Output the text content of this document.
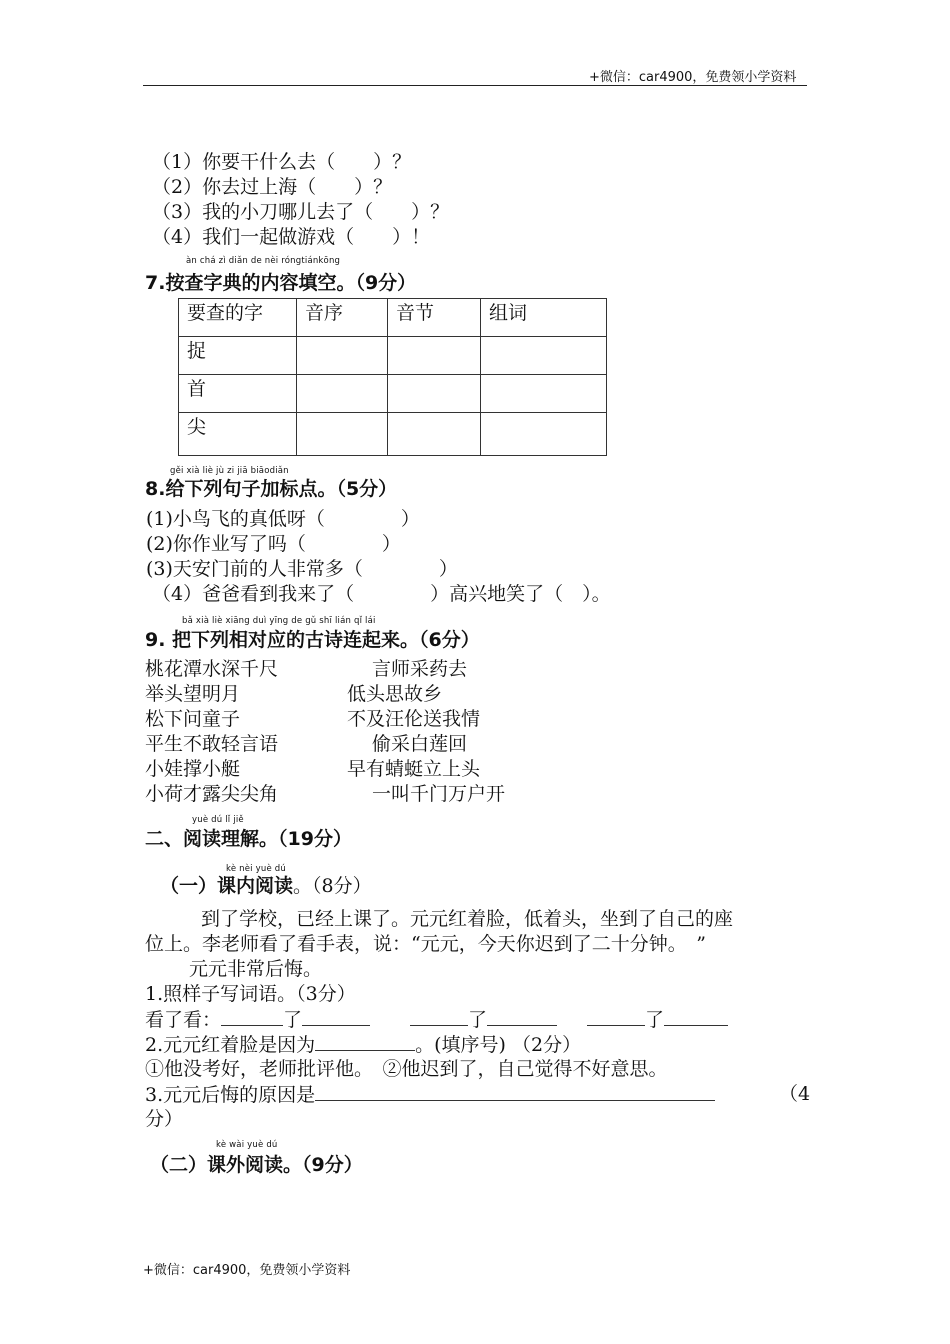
+微信：car4900，免费领小学资料
（1）你要干什么去（　　）？
（2）你去过上海（　　）？
（3）我的小刀哪儿去了（　　）？
（4）我们一起做游戏（　　）！
àn chá zì diǎn de nèi róngtiánkōng
7.按查字典的内容填空。（9分）
要查的字	音序	音节	组词
捉			
首			
尖			
gěi xià liè jù zi jiā biāodiǎn
8.给下列句子加标点。（5分）
(1)小鸟飞的真低呀（　　　　）
(2)你作业写了吗（　　　　）
(3)天安门前的人非常多（　　　　）
（4）爸爸看到我来了（　　　　）高兴地笑了（　）。
bǎ xià liè xiāng duì yīng de gǔ shī lián qǐ lái
9. 把下列相对应的古诗连起来。（6分）
桃花潭水深千尺
举头望明月
松下问童子
平生不敢轻言语
小娃撑小艇
小荷才露尖尖角
言师采药去
低头思故乡
不及汪伦送我情
偷采白莲回
早有蜻蜓立上头
一叫千门万户开
yuè dú lǐ jiě
二、阅读理解。（19分）
kè nèi yuè dú
（一）课内阅读。（8分）
到了学校，已经上课了。元元红着脸，低着头，坐到了自己的座
位上。李老师看了看手表，说：“元元，今天你迟到了二十分钟。　”
元元非常后悔。
1.照样子写词语。（3分）
看了看：	了	了	了
2.元元红着脸是因为	。(填序号) （2分）
①他没考好，老师批评他。　②他迟到了，自己觉得不好意思。
3.元元后悔的原因是	（4
分）
kè wài yuè dú
（二）课外阅读。（9分）
+微信：car4900，免费领小学资料
